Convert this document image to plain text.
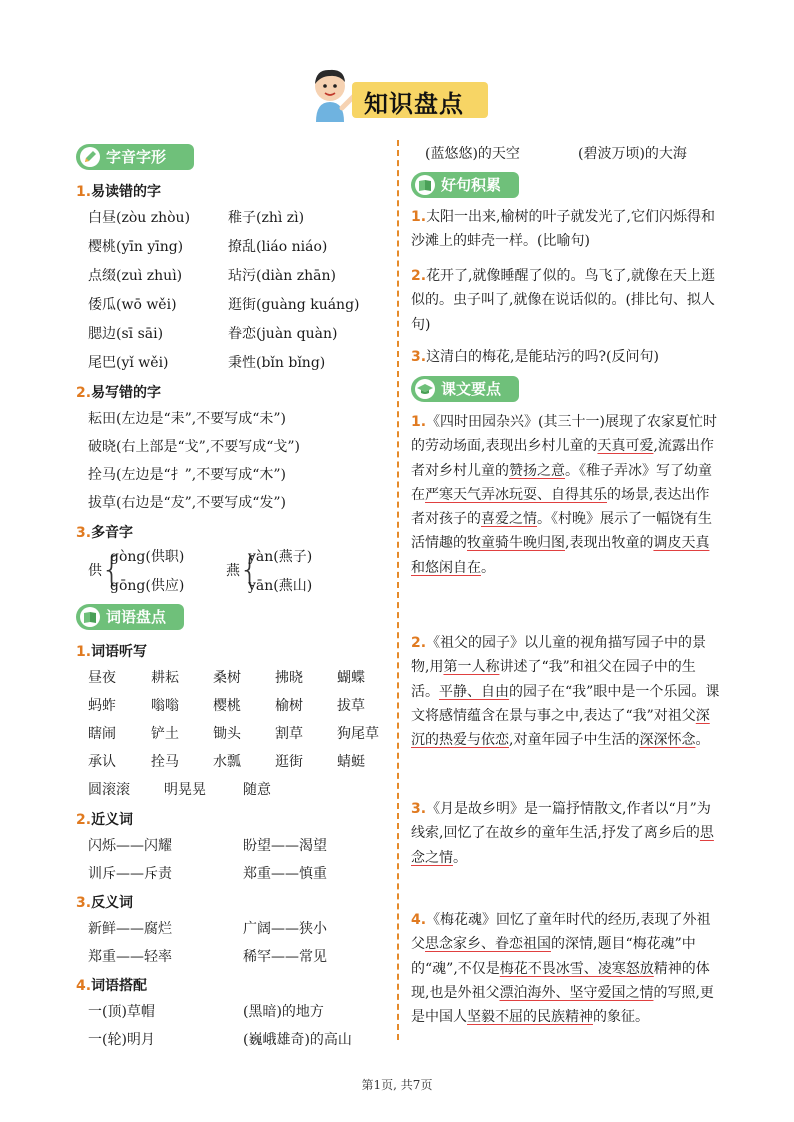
知识盘点
字音字形
1.易读错的字
白昼(zòu zhòu)	稚子(zhì zì)
樱桃(yīn yīng)	撩乱(liáo niáo)
点缀(zuì zhuì)	玷污(diàn zhān)
倭瓜(wō wěi)	逛街(guàng kuáng)
腮边(sī sāi)	眷恋(juàn quàn)
尾巴(yǐ wěi)	秉性(bǐn bǐng)
2.易写错的字
耘田(左边是“耒”,不要写成“未”)
破晓(右上部是“戈”,不要写成“戈”)
拴马(左边是“扌”,不要写成“木”)
拔草(右边是“犮”,不要写成“发”)
3.多音字
供 {
gòng(供职)
gōng(供应)
燕 {
yàn(燕子)
yān(燕山)
词语盘点
1.词语听写
昼夜	耕耘 桑树 拂晓 蝴蝶
蚂蚱	嗡嗡 樱桃 榆树 拔草
瞎闹	铲土 锄头 割草 狗尾草
承认	拴马 水瓢 逛街 蜻蜓
圆滚滚 明晃晃	随意
2.近义词
闪烁——闪耀	盼望——渴望
训斥——斥责	郑重——慎重
3.反义词
新鲜——腐烂	广阔——狭小
郑重——轻率	稀罕——常见
4.词语搭配
一(顶)草帽	(黑暗)的地方
一(轮)明月	(巍峨雄奇)的高山
(蓝悠悠)的天空	(碧波万顷)的大海
好句积累
1.太阳一出来,榆树的叶子就发光了,它们闪烁得和沙滩上的蚌壳一样。(比喻句)
2.花开了,就像睡醒了似的。鸟飞了,就像在天上逛似的。虫子叫了,就像在说话似的。(排比句、拟人句)
3.这清白的梅花,是能玷污的吗?(反问句)
课文要点
1.《四时田园杂兴》(其三十一)展现了农家夏忙时的劳动场面,表现出乡村儿童的天真可爱,流露出作者对乡村儿童的赞扬之意。《稚子弄冰》写了幼童在严寒天气弄冰玩耍、自得其乐的场景,表达出作者对孩子的喜爱之情。《村晚》展示了一幅饶有生活情趣的牧童骑牛晚归图,表现出牧童的调皮天真和悠闲自在。
2.《祖父的园子》以儿童的视角描写园子中的景物,用第一人称讲述了“我”和祖父在园子中的生活。平静、自由的园子在“我”眼中是一个乐园。课文将感情蕴含在景与事之中,表达了“我”对祖父深沉的热爱与依恋,对童年园子中生活的深深怀念。
3.《月是故乡明》是一篇抒情散文,作者以“月”为线索,回忆了在故乡的童年生活,抒发了离乡后的思念之情。
4.《梅花魂》回忆了童年时代的经历,表现了外祖父思念家乡、眷恋祖国的深情,题目“梅花魂”中的“魂”,不仅是梅花不畏冰雪、凌寒怒放精神的体现,也是外祖父漂泊海外、坚守爱国之情的写照,更是中国人坚毅不屈的民族精神的象征。
第1页, 共7页
